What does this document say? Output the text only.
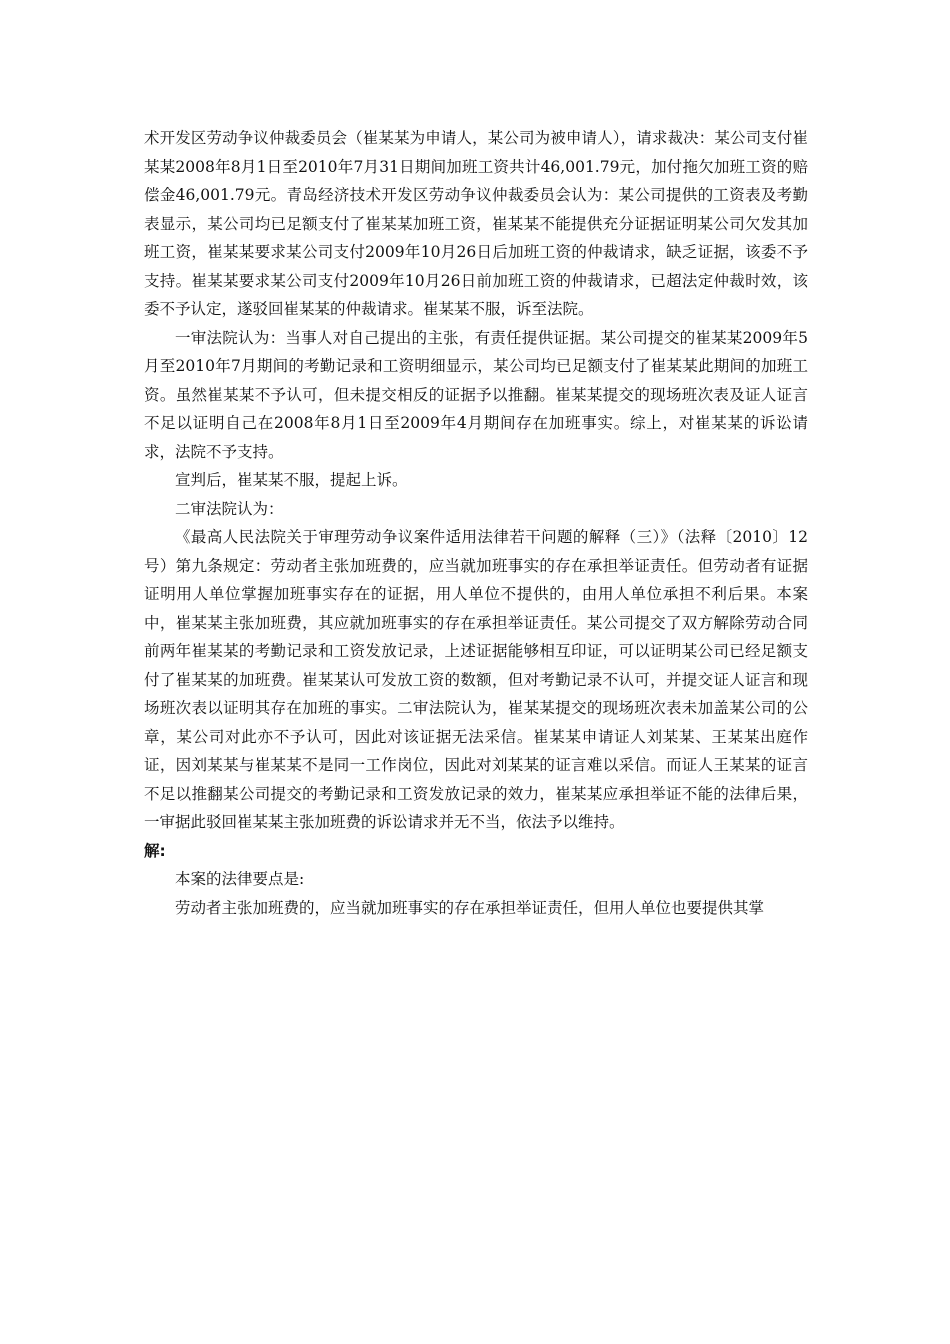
术开发区劳动争议仲裁委员会（崔某某为申请人，某公司为被申请人），请求裁决：某公司支付崔某某2008年8月1日至2010年7月31日期间加班工资共计46,001.79元，加付拖欠加班工资的赔偿金46,001.79元。青岛经济技术开发区劳动争议仲裁委员会认为：某公司提供的工资表及考勤表显示，某公司均已足额支付了崔某某加班工资，崔某某不能提供充分证据证明某公司欠发其加班工资，崔某某要求某公司支付2009年10月26日后加班工资的仲裁请求，缺乏证据，该委不予支持。崔某某要求某公司支付2009年10月26日前加班工资的仲裁请求，已超法定仲裁时效，该委不予认定，遂驳回崔某某的仲裁请求。崔某某不服，诉至法院。

一审法院认为：当事人对自己提出的主张，有责任提供证据。某公司提交的崔某某2009年5月至2010年7月期间的考勤记录和工资明细显示，某公司均已足额支付了崔某某此期间的加班工资。虽然崔某某不予认可，但未提交相反的证据予以推翻。崔某某提交的现场班次表及证人证言不足以证明自己在2008年8月1日至2009年4月期间存在加班事实。综上，对崔某某的诉讼请求，法院不予支持。

宣判后，崔某某不服，提起上诉。

二审法院认为：

《最高人民法院关于审理劳动争议案件适用法律若干问题的解释（三）》（法释〔2010〕12号）第九条规定：劳动者主张加班费的，应当就加班事实的存在承担举证责任。但劳动者有证据证明用人单位掌握加班事实存在的证据，用人单位不提供的，由用人单位承担不利后果。本案中，崔某某主张加班费，其应就加班事实的存在承担举证责任。某公司提交了双方解除劳动合同前两年崔某某的考勤记录和工资发放记录，上述证据能够相互印证，可以证明某公司已经足额支付了崔某某的加班费。崔某某认可发放工资的数额，但对考勤记录不认可，并提交证人证言和现场班次表以证明其存在加班的事实。二审法院认为，崔某某提交的现场班次表未加盖某公司的公章，某公司对此亦不予认可，因此对该证据无法采信。崔某某申请证人刘某某、王某某出庭作证，因刘某某与崔某某不是同一工作岗位，因此对刘某某的证言难以采信。而证人王某某的证言不足以推翻某公司提交的考勤记录和工资发放记录的效力，崔某某应承担举证不能的法律后果，一审据此驳回崔某某主张加班费的诉讼请求并无不当，依法予以维持。

解:

本案的法律要点是:

劳动者主张加班费的，应当就加班事实的存在承担举证责任，但用人单位也要提供其掌
